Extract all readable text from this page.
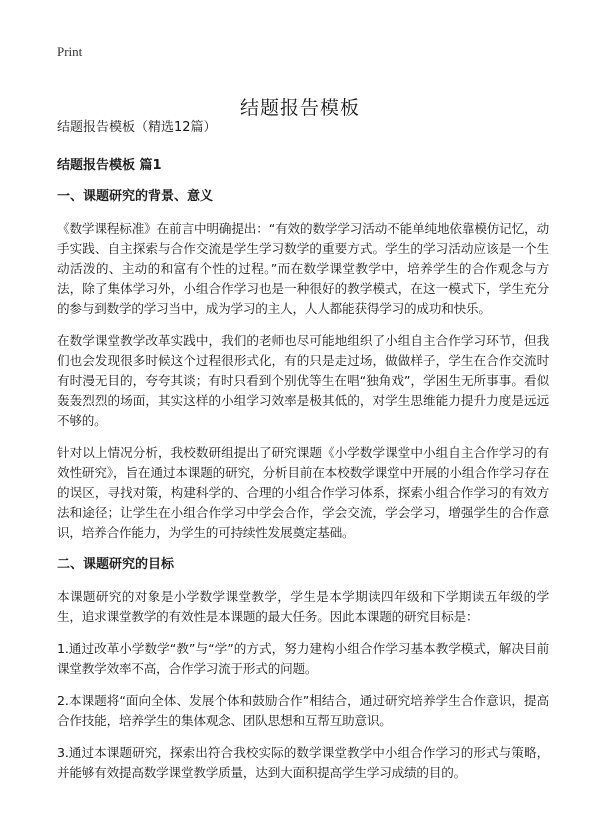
Print
结题报告模板

结题报告模板（精选12篇）

结题报告模板 篇1

一、课题研究的背景、意义

《数学课程标准》在前言中明确提出：“有效的数学学习活动不能单纯地依靠模仿记忆，动手实践、自主探索与合作交流是学生学习数学的重要方式。学生的学习活动应该是一个生动活泼的、主动的和富有个性的过程。”而在数学课堂教学中，培养学生的合作观念与方法，除了集体学习外，小组合作学习也是一种很好的教学模式，在这一模式下，学生充分的参与到数学的学习当中，成为学习的主人，人人都能获得学习的成功和快乐。

在数学课堂教学改革实践中，我们的老师也尽可能地组织了小组自主合作学习环节，但我们也会发现很多时候这个过程很形式化，有的只是走过场，做做样子，学生在合作交流时有时漫无目的，夸夸其谈；有时只看到个别优等生在唱“独角戏”，学困生无所事事。看似轰轰烈烈的场面，其实这样的小组学习效率是极其低的，对学生思维能力提升力度是远远不够的。

针对以上情况分析，我校数研组提出了研究课题《小学数学课堂中小组自主合作学习的有效性研究》，旨在通过本课题的研究，分析目前在本校数学课堂中开展的小组合作学习存在的误区，寻找对策，构建科学的、合理的小组合作学习体系，探索小组合作学习的有效方法和途径；让学生在小组合作学习中学会合作，学会交流，学会学习，增强学生的合作意识，培养合作能力，为学生的可持续性发展奠定基础。

二、课题研究的目标

本课题研究的对象是小学数学课堂教学，学生是本学期读四年级和下学期读五年级的学生，追求课堂教学的有效性是本课题的最大任务。因此本课题的研究目标是：

1.通过改革小学数学“教”与“学”的方式，努力建构小组合作学习基本教学模式，解决目前课堂教学效率不高，合作学习流于形式的问题。

2.本课题将“面向全体、发展个体和鼓励合作”相结合，通过研究培养学生合作意识，提高合作技能，培养学生的集体观念、团队思想和互帮互助意识。

3.通过本课题研究，探索出符合我校实际的数学课堂教学中小组合作学习的形式与策略，并能够有效提高数学课堂教学质量，达到大面积提高学生学习成绩的目的。
